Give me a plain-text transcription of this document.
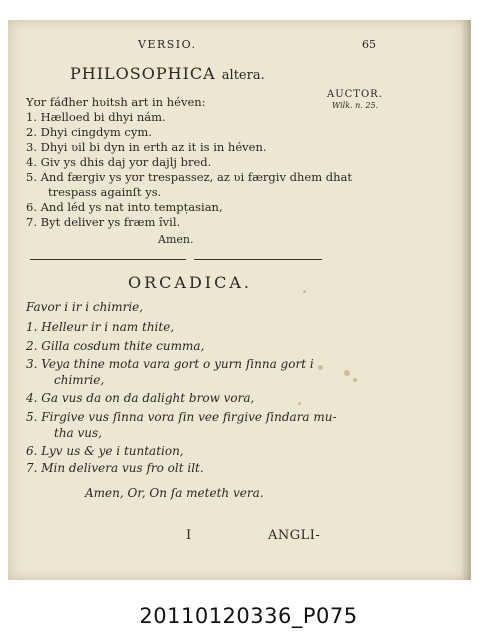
VERSIO.	65
PHILOSOPHICA altera.
AUCTOR.
Wilk. n. 25.
Yʊr fáđher hʋitsh art in héven:
1. Hælloed bi dhyi nám.
2. Dhyi cingdym cym.
3. Dhyi ʋil bi dyn in erth az it is in héven.
4. Giv ys dhis daj yʊr dajlj bred.
5. And færgiv ys yʊr trespassez, az ʋi færgiv dhem dhat
trespass againſt ys.
6. And léd ys nat intʊ tempṭasian,
7. Byt deliver ys fræm îvil.
Amen.
ORCADICA.
Favor i ir i chimrie,
1. Helleur ir i nam thite,
2. Gilla cosdum thite cumma,
3. Veya thine mota vara gort o yurn ſinna gort i
chimrie,
4. Ga vus da on da dalight brow vora,
5. Firgive vus ſinna vora ſin vee firgive ſindara mu-
tha vus,
6. Lyv us & ye i tuntation,
7. Min delivera vus fro olt ilt.
Amen, Or, On ſa meteth vera.
I	ANGLI-
20110120336_P075
